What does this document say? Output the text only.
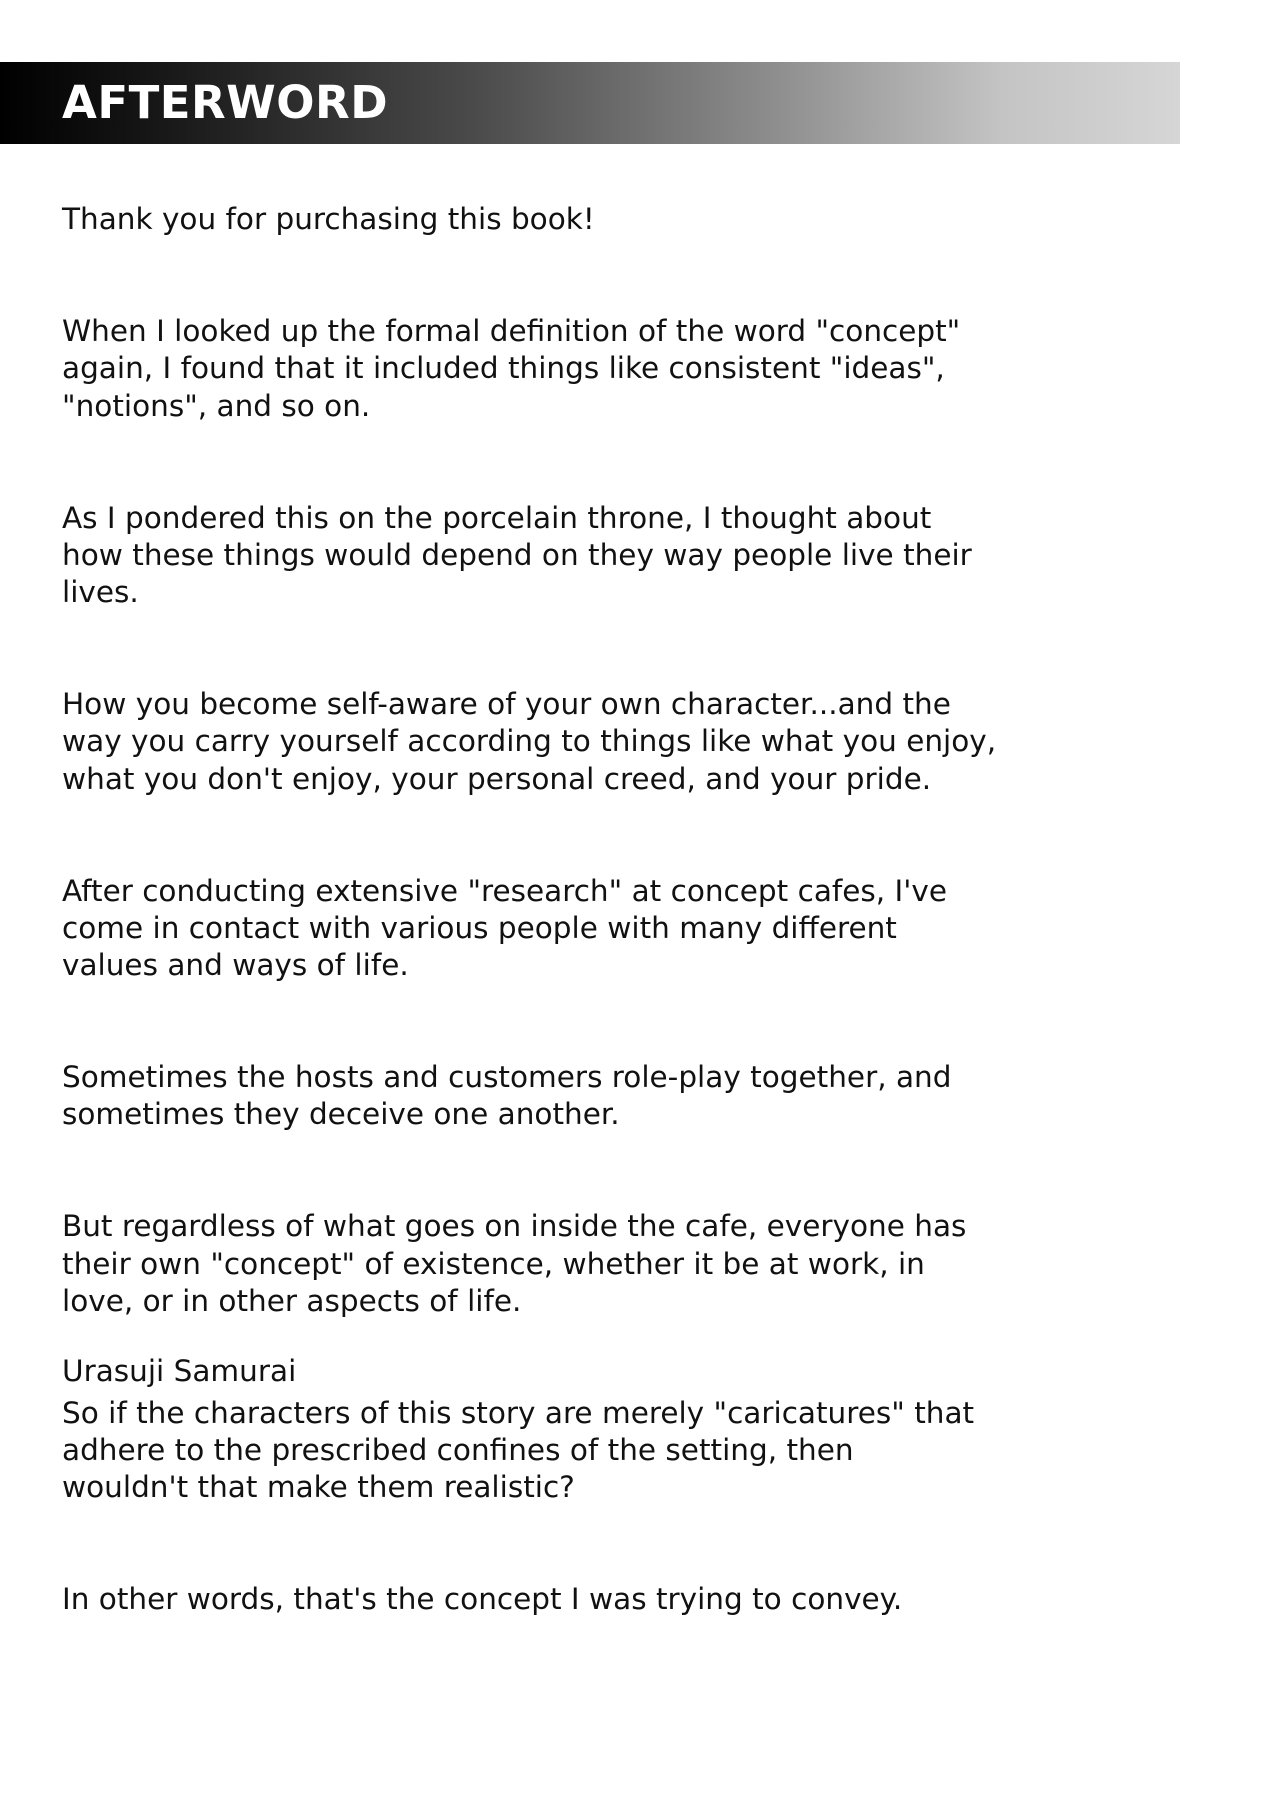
AFTERWORD

Thank you for purchasing this book!

When I looked up the formal definition of the word "concept"
again, I found that it included things like consistent "ideas",
"notions", and so on.

As I pondered this on the porcelain throne, I thought about
how these things would depend on they way people live their
lives.

How you become self-aware of your own character...and the
way you carry yourself according to things like what you enjoy,
what you don't enjoy, your personal creed, and your pride.

After conducting extensive "research" at concept cafes, I've
come in contact with various people with many different
values and ways of life.

Sometimes the hosts and customers role-play together, and
sometimes they deceive one another.

But regardless of what goes on inside the cafe, everyone has
their own "concept" of existence, whether it be at work, in
love, or in other aspects of life.

So if the characters of this story are merely "caricatures" that
adhere to the prescribed confines of the setting, then
wouldn't that make them realistic?

In other words, that's the concept I was trying to convey.

Urasuji Samurai
